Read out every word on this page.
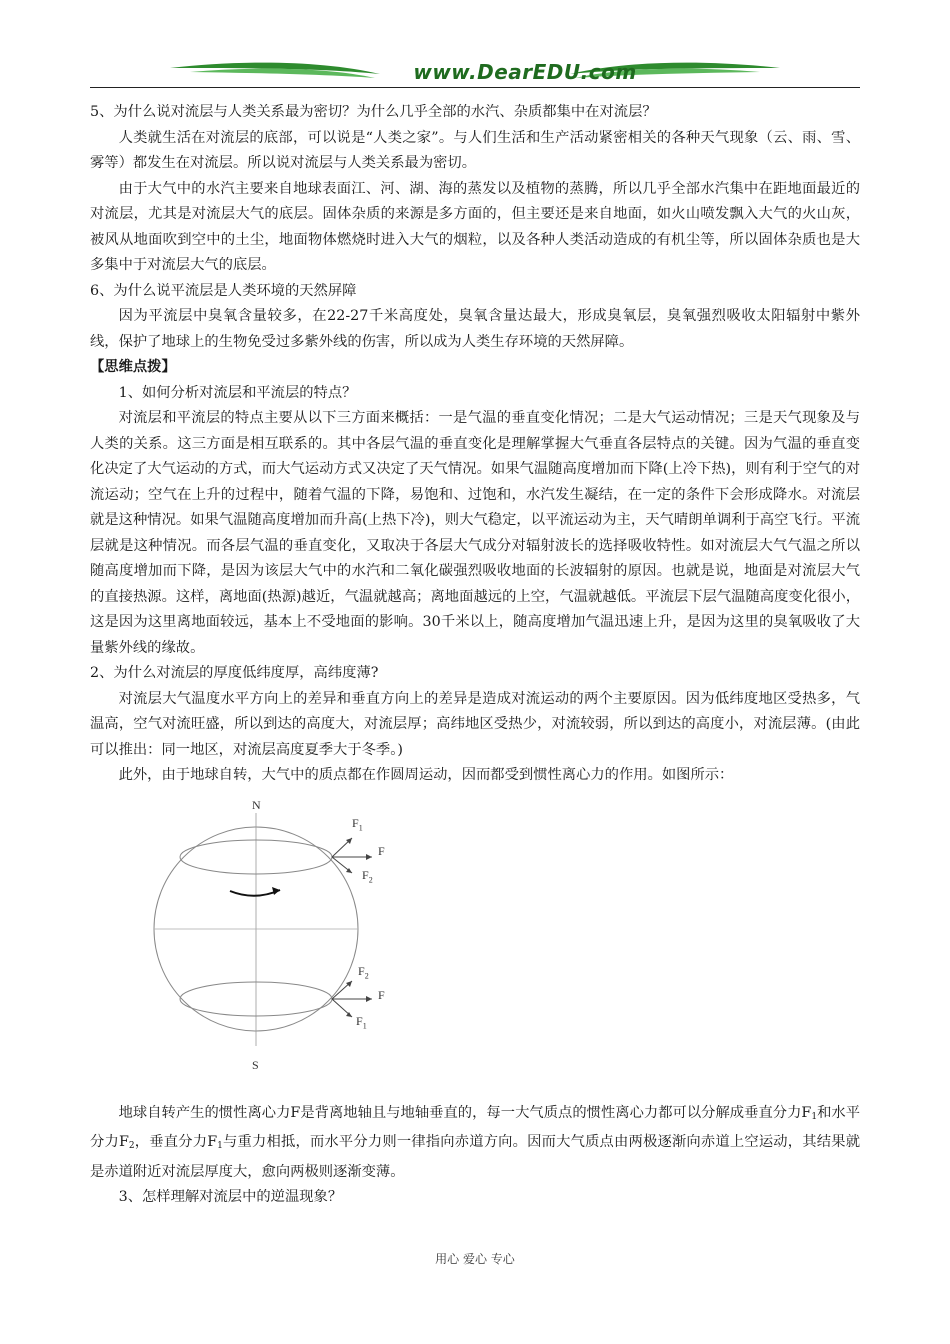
www.DearEDU.com

5、为什么说对流层与人类关系最为密切？为什么几乎全部的水汽、杂质都集中在对流层？

人类就生活在对流层的底部，可以说是“人类之家”。与人们生活和生产活动紧密相关的各种天气现象（云、雨、雪、雾等）都发生在对流层。所以说对流层与人类关系最为密切。

由于大气中的水汽主要来自地球表面江、河、湖、海的蒸发以及植物的蒸腾，所以几乎全部水汽集中在距地面最近的对流层，尤其是对流层大气的底层。固体杂质的来源是多方面的，但主要还是来自地面，如火山喷发飘入大气的火山灰，被风从地面吹到空中的土尘，地面物体燃烧时进入大气的烟粒，以及各种人类活动造成的有机尘等，所以固体杂质也是大多集中于对流层大气的底层。

6、为什么说平流层是人类环境的天然屏障

因为平流层中臭氧含量较多，在22-27千米高度处，臭氧含量达最大，形成臭氧层，臭氧强烈吸收太阳辐射中紫外线，保护了地球上的生物免受过多紫外线的伤害，所以成为人类生存环境的天然屏障。

【思维点拨】

1、如何分析对流层和平流层的特点？

对流层和平流层的特点主要从以下三方面来概括：一是气温的垂直变化情况；二是大气运动情况；三是天气现象及与人类的关系。这三方面是相互联系的。其中各层气温的垂直变化是理解掌握大气垂直各层特点的关键。因为气温的垂直变化决定了大气运动的方式，而大气运动方式又决定了天气情况。如果气温随高度增加而下降(上冷下热)，则有利于空气的对流运动；空气在上升的过程中，随着气温的下降，易饱和、过饱和，水汽发生凝结，在一定的条件下会形成降水。对流层就是这种情况。如果气温随高度增加而升高(上热下冷)，则大气稳定，以平流运动为主，天气晴朗单调利于高空飞行。平流层就是这种情况。而各层气温的垂直变化，又取决于各层大气成分对辐射波长的选择吸收特性。如对流层大气气温之所以随高度增加而下降，是因为该层大气中的水汽和二氧化碳强烈吸收地面的长波辐射的原因。也就是说，地面是对流层大气的直接热源。这样，离地面(热源)越近，气温就越高；离地面越远的上空，气温就越低。平流层下层气温随高度变化很小，这是因为这里离地面较远，基本上不受地面的影响。30千米以上，随高度增加气温迅速上升，是因为这里的臭氧吸收了大量紫外线的缘故。

2、为什么对流层的厚度低纬度厚，高纬度薄?

对流层大气温度水平方向上的差异和垂直方向上的差异是造成对流运动的两个主要原因。因为低纬度地区受热多，气温高，空气对流旺盛，所以到达的高度大，对流层厚；高纬地区受热少，对流较弱，所以到达的高度小，对流层薄。(由此可以推出：同一地区，对流层高度夏季大于冬季。)

此外，由于地球自转，大气中的质点都在作圆周运动，因而都受到惯性离心力的作用。如图所示：

N
S
$F_1$
F
$F_2$
$F_2$
F
$F_1$

地球自转产生的惯性离心力F是背离地轴且与地轴垂直的，每一大气质点的惯性离心力都可以分解成垂直分力$F_1$和水平分力$F_2$，垂直分力$F_1$与重力相抵，而水平分力则一律指向赤道方向。因而大气质点由两极逐渐向赤道上空运动，其结果就是赤道附近对流层厚度大，愈向两极则逐渐变薄。

3、怎样理解对流层中的逆温现象？

用心 爱心 专心
